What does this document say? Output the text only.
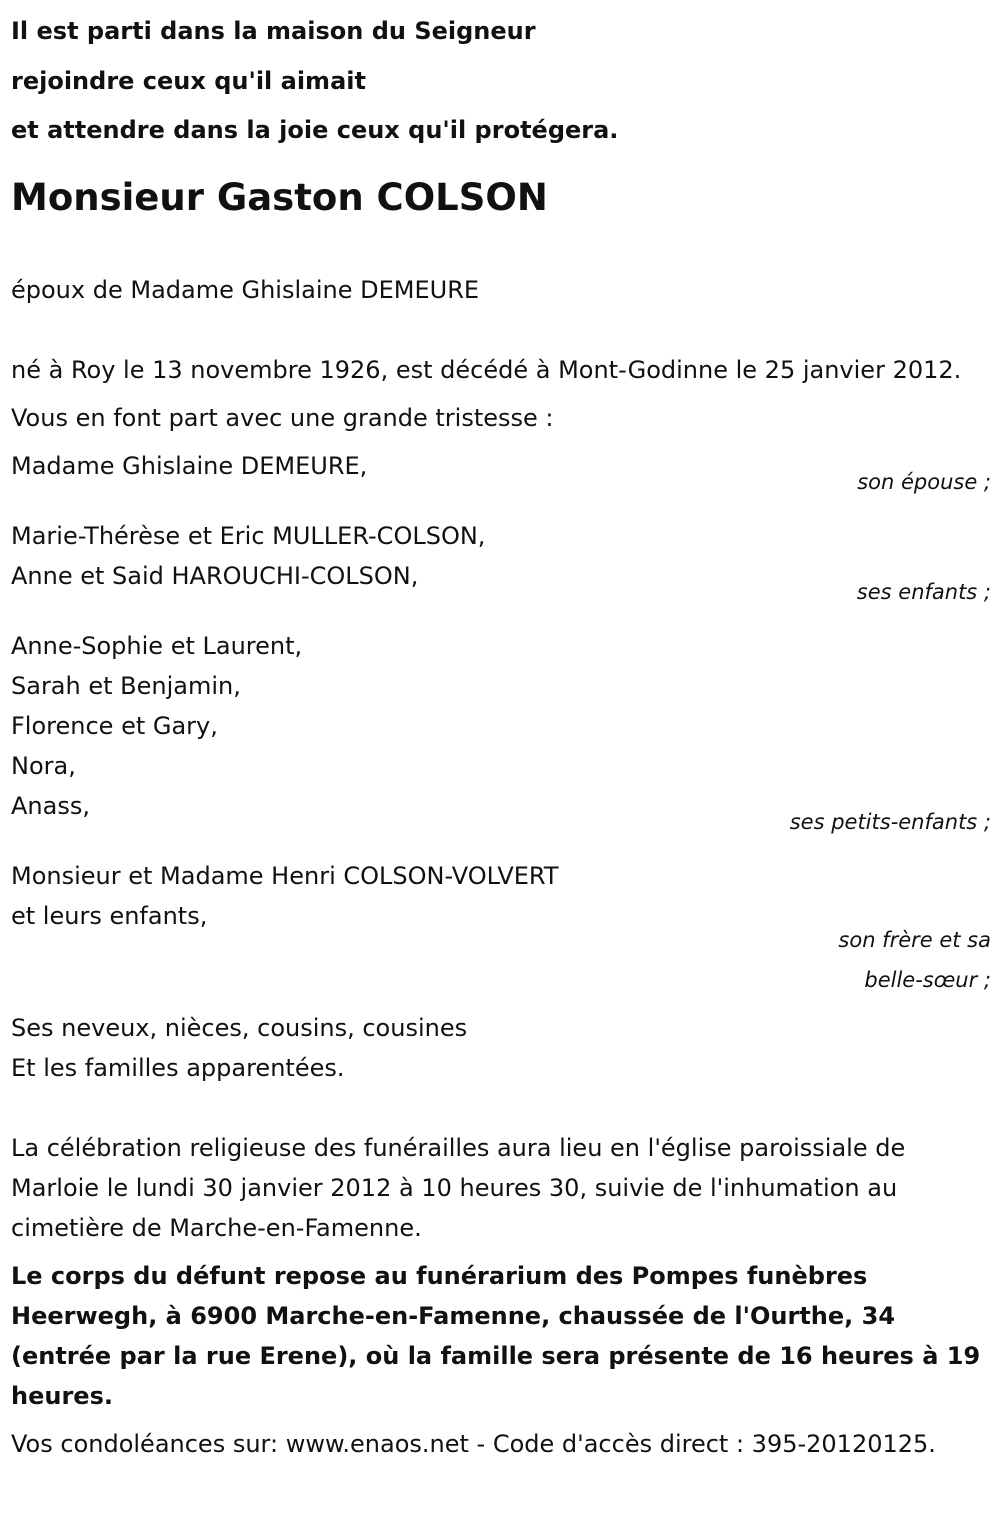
Il est parti dans la maison du Seigneur
rejoindre ceux qu'il aimait
et attendre dans la joie ceux qu'il protégera.
Monsieur Gaston COLSON

époux de Madame Ghislaine DEMEURE

né à Roy le 13 novembre 1926, est décédé à Mont-Godinne le 25 janvier 2012.

Vous en font part avec une grande tristesse :

Madame Ghislaine DEMEURE,
son épouse ;
Marie-Thérèse et Eric MULLER-COLSON,
Anne et Said HAROUCHI-COLSON,
ses enfants ;
Anne-Sophie et Laurent,
Sarah et Benjamin,
Florence et Gary,
Nora,
Anass,
ses petits-enfants ;
Monsieur et Madame Henri COLSON-VOLVERT
et leurs enfants,
son frère et sa
belle-sœur ;
Ses neveux, nièces, cousins, cousines
Et les familles apparentées.

La célébration religieuse des funérailles aura lieu en l'église paroissiale de Marloie le lundi 30 janvier 2012 à 10 heures 30, suivie de l'inhumation au cimetière de Marche-en-Famenne.

Le corps du défunt repose au funérarium des Pompes funèbres Heerwegh, à 6900 Marche-en-Famenne, chaussée de l'Ourthe, 34 (entrée par la rue Erene), où la famille sera présente de 16 heures à 19 heures.

Vos condoléances sur: www.enaos.net - Code d'accès direct : 395-20120125.
